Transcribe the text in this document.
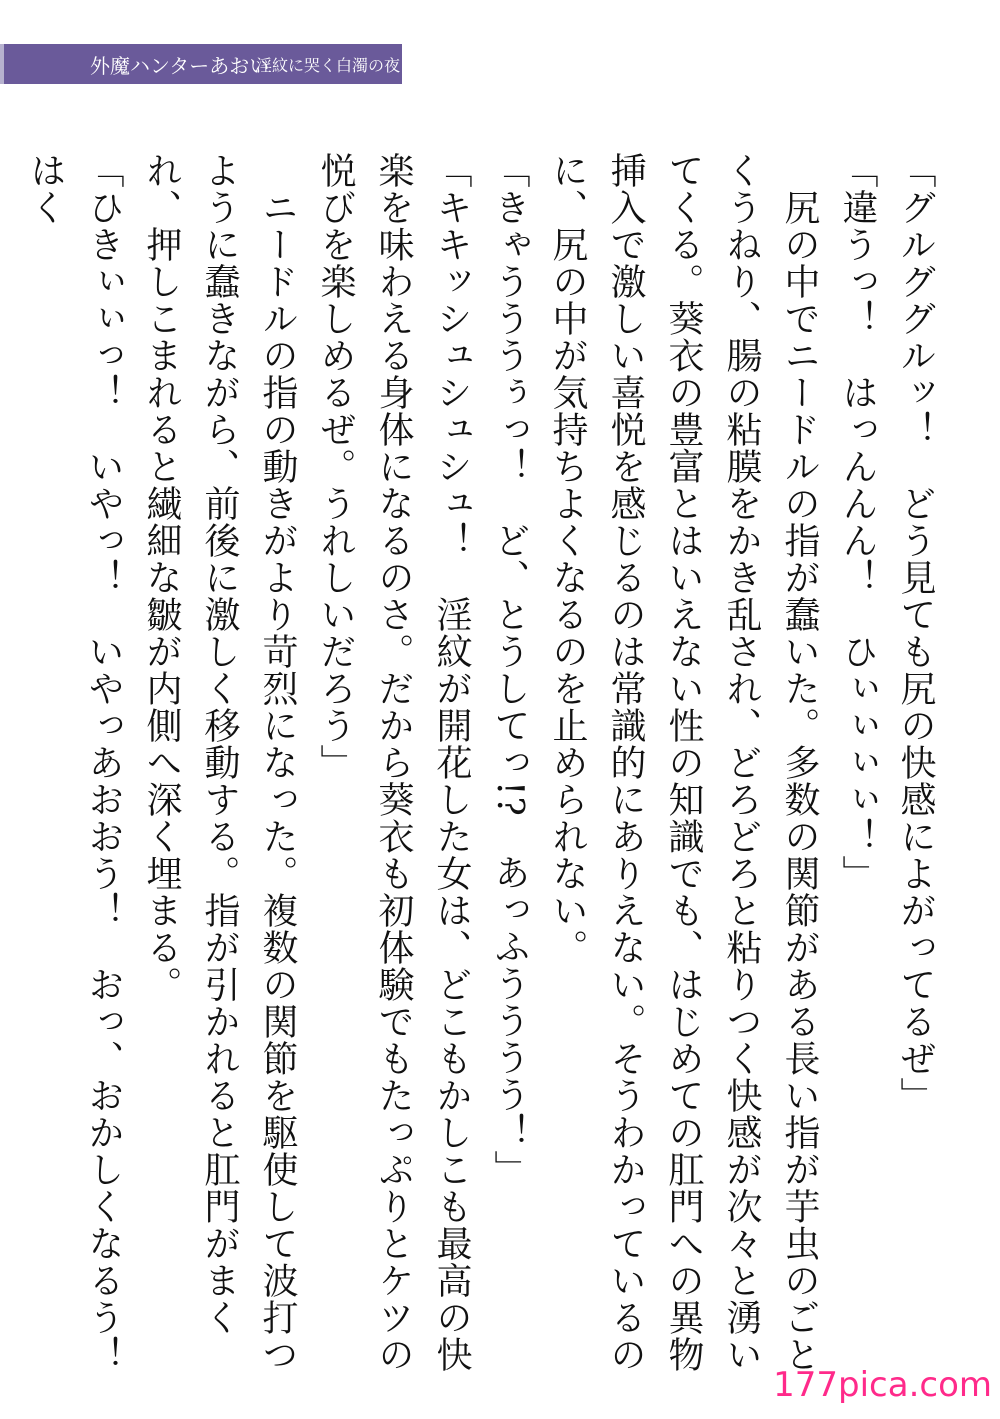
外魔ハンターあおい
淫紋に哭く白濁の夜

「グルググルッ！　どう見ても尻の快感によがってるぜ」

「違うっ！　はっんんん！　ひぃぃぃぃ！」

　尻の中でニードルの指が蠢いた。多数の関節がある長い指が芋虫のごとくうねり、腸の粘膜をかき乱され、どろどろと粘りつく快感が次々と湧いてくる。葵衣の豊富とはいえない性の知識でも、はじめての肛門への異物挿入で激しい喜悦を感じるのは常識的にありえない。そうわかっているのに、尻の中が気持ちよくなるのを止められない。

「きゃうううぅっ！　ど、とうしてっ!?　あっふうううう！」

「キキッシュシュシュ！　淫紋が開花した女は、どこもかしこも最高の快楽を味わえる身体になるのさ。だから葵衣も初体験でもたっぷりとケツの悦びを楽しめるぜ。うれしいだろう」

　ニードルの指の動きがより苛烈になった。複数の関節を駆使して波打つように蠢きながら、前後に激しく移動する。指が引かれると肛門がまくれ、押しこまれると繊細な皺が内側へ深く埋まる。

「ひきぃぃっ！　いやっ！　いやっあおおう！　おっ、おかしくなるう！　はく

177pica.com
